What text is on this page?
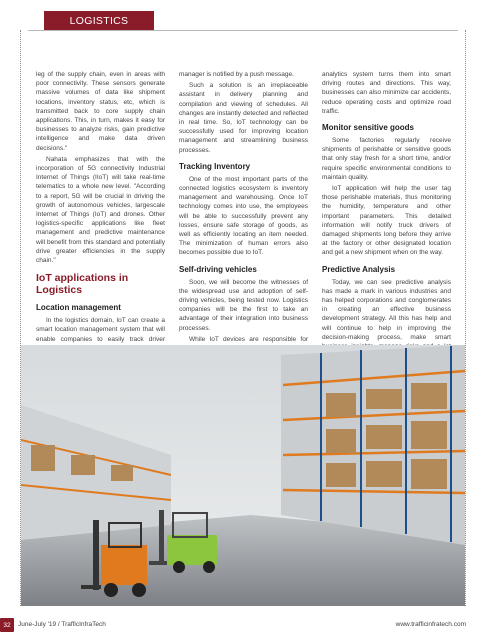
LOGISTICS

leg of the supply chain, even in areas with poor connectivity. These sensors generate massive volumes of data like shipment locations, inventory status, etc, which is transmitted back to core supply chain applications. This, in turn, makes it easy for businesses to analyze risks, gain predictive intelligence and make data driven decisions."

Nahata emphasizes that with the incorporation of 5G connectivity Industrial Internet of Things (IIoT) will take real-time telematics to a whole new level. "According to a report, 5G will be crucial in driving the growth of autonomous vehicles, largescale Internet of Things (IoT) and drones. Other logistics-specific applications like fleet management and predictive maintenance will benefit from this standard and potentially drive greater efficiencies in the supply chain."

IoT applications in Logistics
Location management

In the logistics domain, IoT can create a smart location management system that will enable companies to easily track driver

manager is notified by a push message.

Such a solution is an irreplaceable assistant in delivery planning and compilation and viewing of schedules. All changes are instantly detected and reflected in real time. So, IoT technology can be successfully used for improving location management and streamlining business processes.

Tracking Inventory

One of the most important parts of the connected logistics ecosystem is inventory management and warehousing. Once IoT technology comes into use, the employees will be able to successfully prevent any losses, ensure safe storage of goods, as well as efficiently locating an item needed. The minimization of human errors also becomes possible due to IoT.

Self-driving vehicles

Soon, we will become the witnesses of the widespread use and adoption of self-driving vehicles, being tested now. Logistics companies will be the first to take an advantage of their integration into business processes.

While IoT devices are responsible for

analytics system turns them into smart driving routes and directions. This way, businesses can also minimize car accidents, reduce operating costs and optimize road traffic.

Monitor sensitive goods

Some factories regularly receive shipments of perishable or sensitive goods that only stay fresh for a short time, and/or require specific environmental conditions to maintain quality.

IoT application will help the user tag those perishable materials, thus monitoring the humidity, temperature and other important parameters. This detailed information will notify truck drivers of damaged shipments long before they arrive at the factory or other designated location and get a new shipment when on the way.

Predictive Analysis

Today, we can see predictive analysis has made a mark in various industries and has helped corporations and conglomerates in creating an effective business development strategy. All this has help and will continue to help in improving the decision-making process, make smart

32 June-July '19 / TrafficInfraTech	www.trafficinfratech.com
